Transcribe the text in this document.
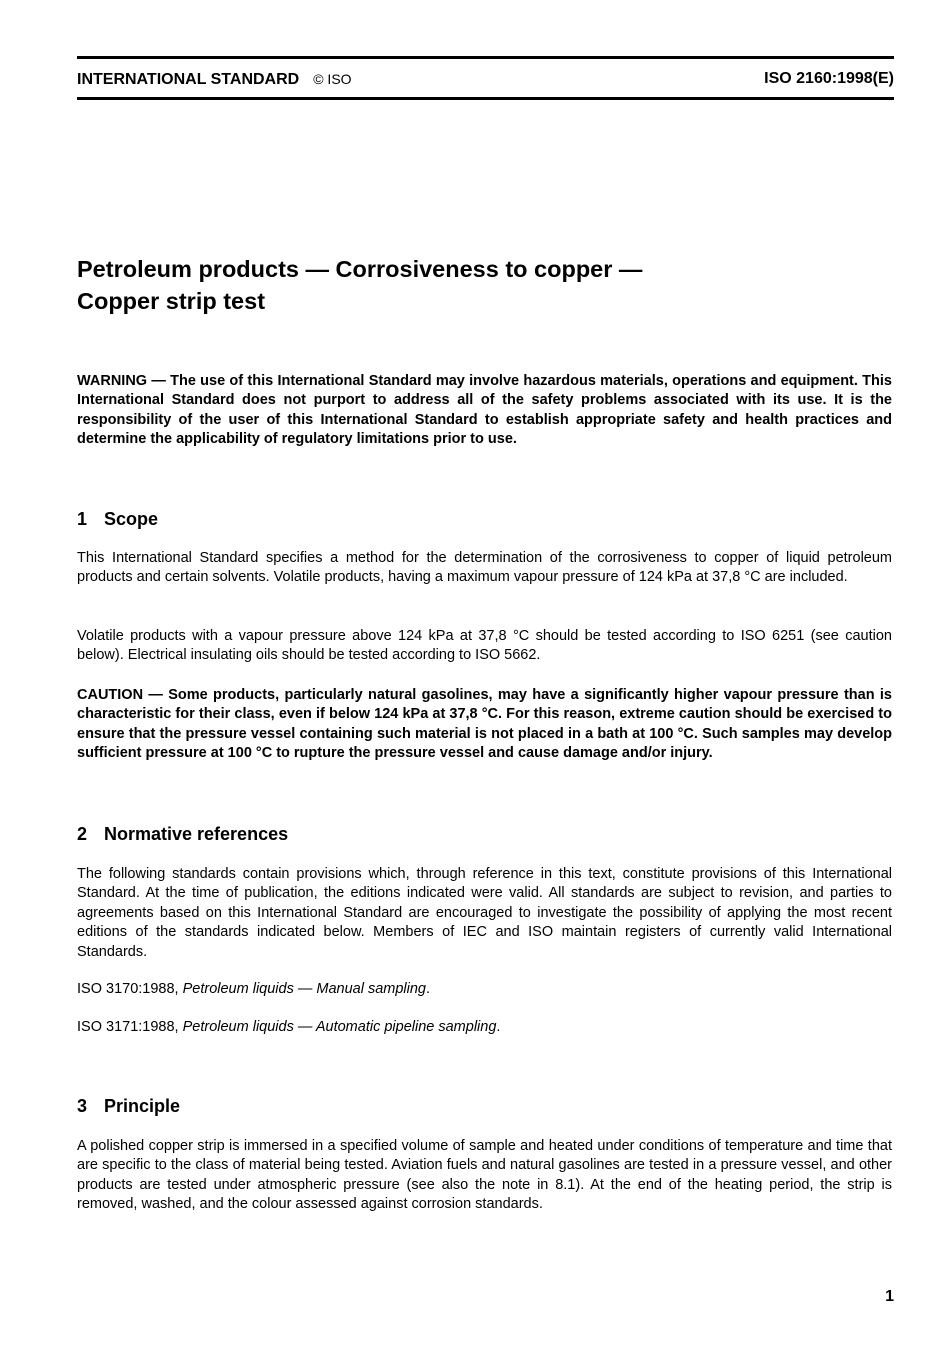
INTERNATIONAL STANDARD © ISO	ISO 2160:1998(E)
Petroleum products — Corrosiveness to copper —
Copper strip test
WARNING — The use of this International Standard may involve hazardous materials, operations and equipment. This International Standard does not purport to address all of the safety problems associated with its use. It is the responsibility of the user of this International Standard to establish appropriate safety and health practices and determine the applicability of regulatory limitations prior to use.
1 Scope
This International Standard specifies a method for the determination of the corrosiveness to copper of liquid petroleum products and certain solvents. Volatile products, having a maximum vapour pressure of 124 kPa at 37,8 °C are included.
Volatile products with a vapour pressure above 124 kPa at 37,8 °C should be tested according to ISO 6251 (see caution below). Electrical insulating oils should be tested according to ISO 5662.
CAUTION — Some products, particularly natural gasolines, may have a significantly higher vapour pressure than is characteristic for their class, even if below 124 kPa at 37,8 °C. For this reason, extreme caution should be exercised to ensure that the pressure vessel containing such material is not placed in a bath at 100 °C. Such samples may develop sufficient pressure at 100 °C to rupture the pressure vessel and cause damage and/or injury.
2 Normative references
The following standards contain provisions which, through reference in this text, constitute provisions of this International Standard. At the time of publication, the editions indicated were valid. All standards are subject to revision, and parties to agreements based on this International Standard are encouraged to investigate the possibility of applying the most recent editions of the standards indicated below. Members of IEC and ISO maintain registers of currently valid International Standards.
ISO 3170:1988, Petroleum liquids — Manual sampling.
ISO 3171:1988, Petroleum liquids — Automatic pipeline sampling.
3 Principle
A polished copper strip is immersed in a specified volume of sample and heated under conditions of temperature and time that are specific to the class of material being tested. Aviation fuels and natural gasolines are tested in a pressure vessel, and other products are tested under atmospheric pressure (see also the note in 8.1). At the end of the heating period, the strip is removed, washed, and the colour assessed against corrosion standards.
1
